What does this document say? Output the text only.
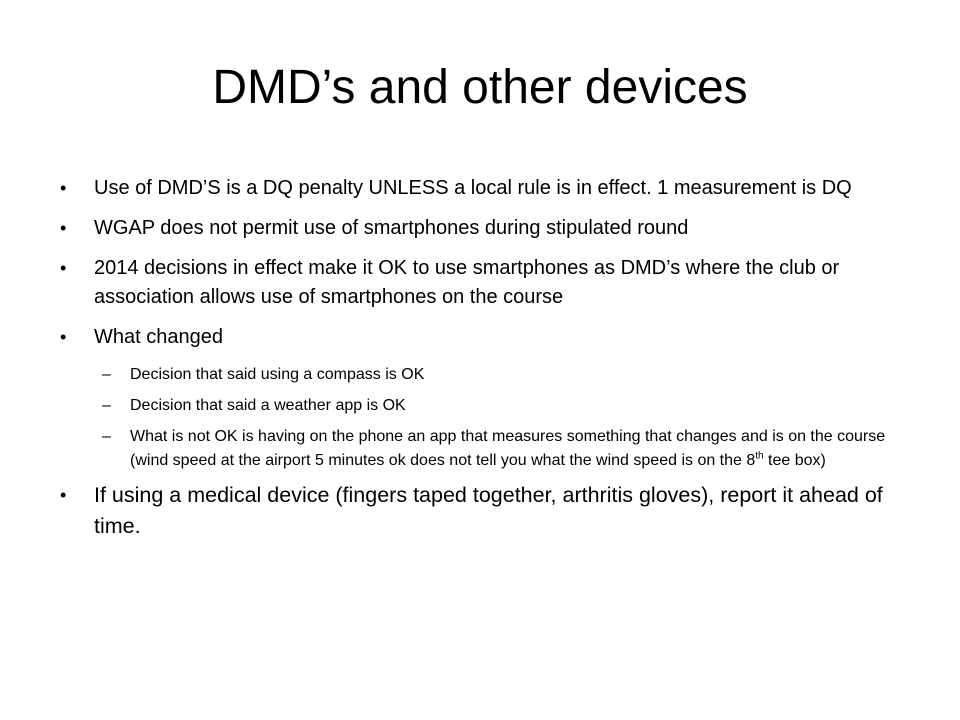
DMD’s and other devices
•	Use of DMD’S is a DQ penalty UNLESS a local rule is in effect. 1 measurement is DQ
•	WGAP does not permit use of smartphones during stipulated round
•	2014 decisions in effect make it OK to use smartphones as DMD’s where the club or association allows use of smartphones on the course
•	What changed
–	Decision that said using a compass is OK
–	Decision that said a weather app is OK
–	What is not OK is having on the phone an app that measures something that changes and is on the course (wind speed at the airport 5 minutes ok does not tell you what the wind speed is on the 8th tee box)
•	If using a medical device (fingers taped together, arthritis gloves), report it ahead of time.
